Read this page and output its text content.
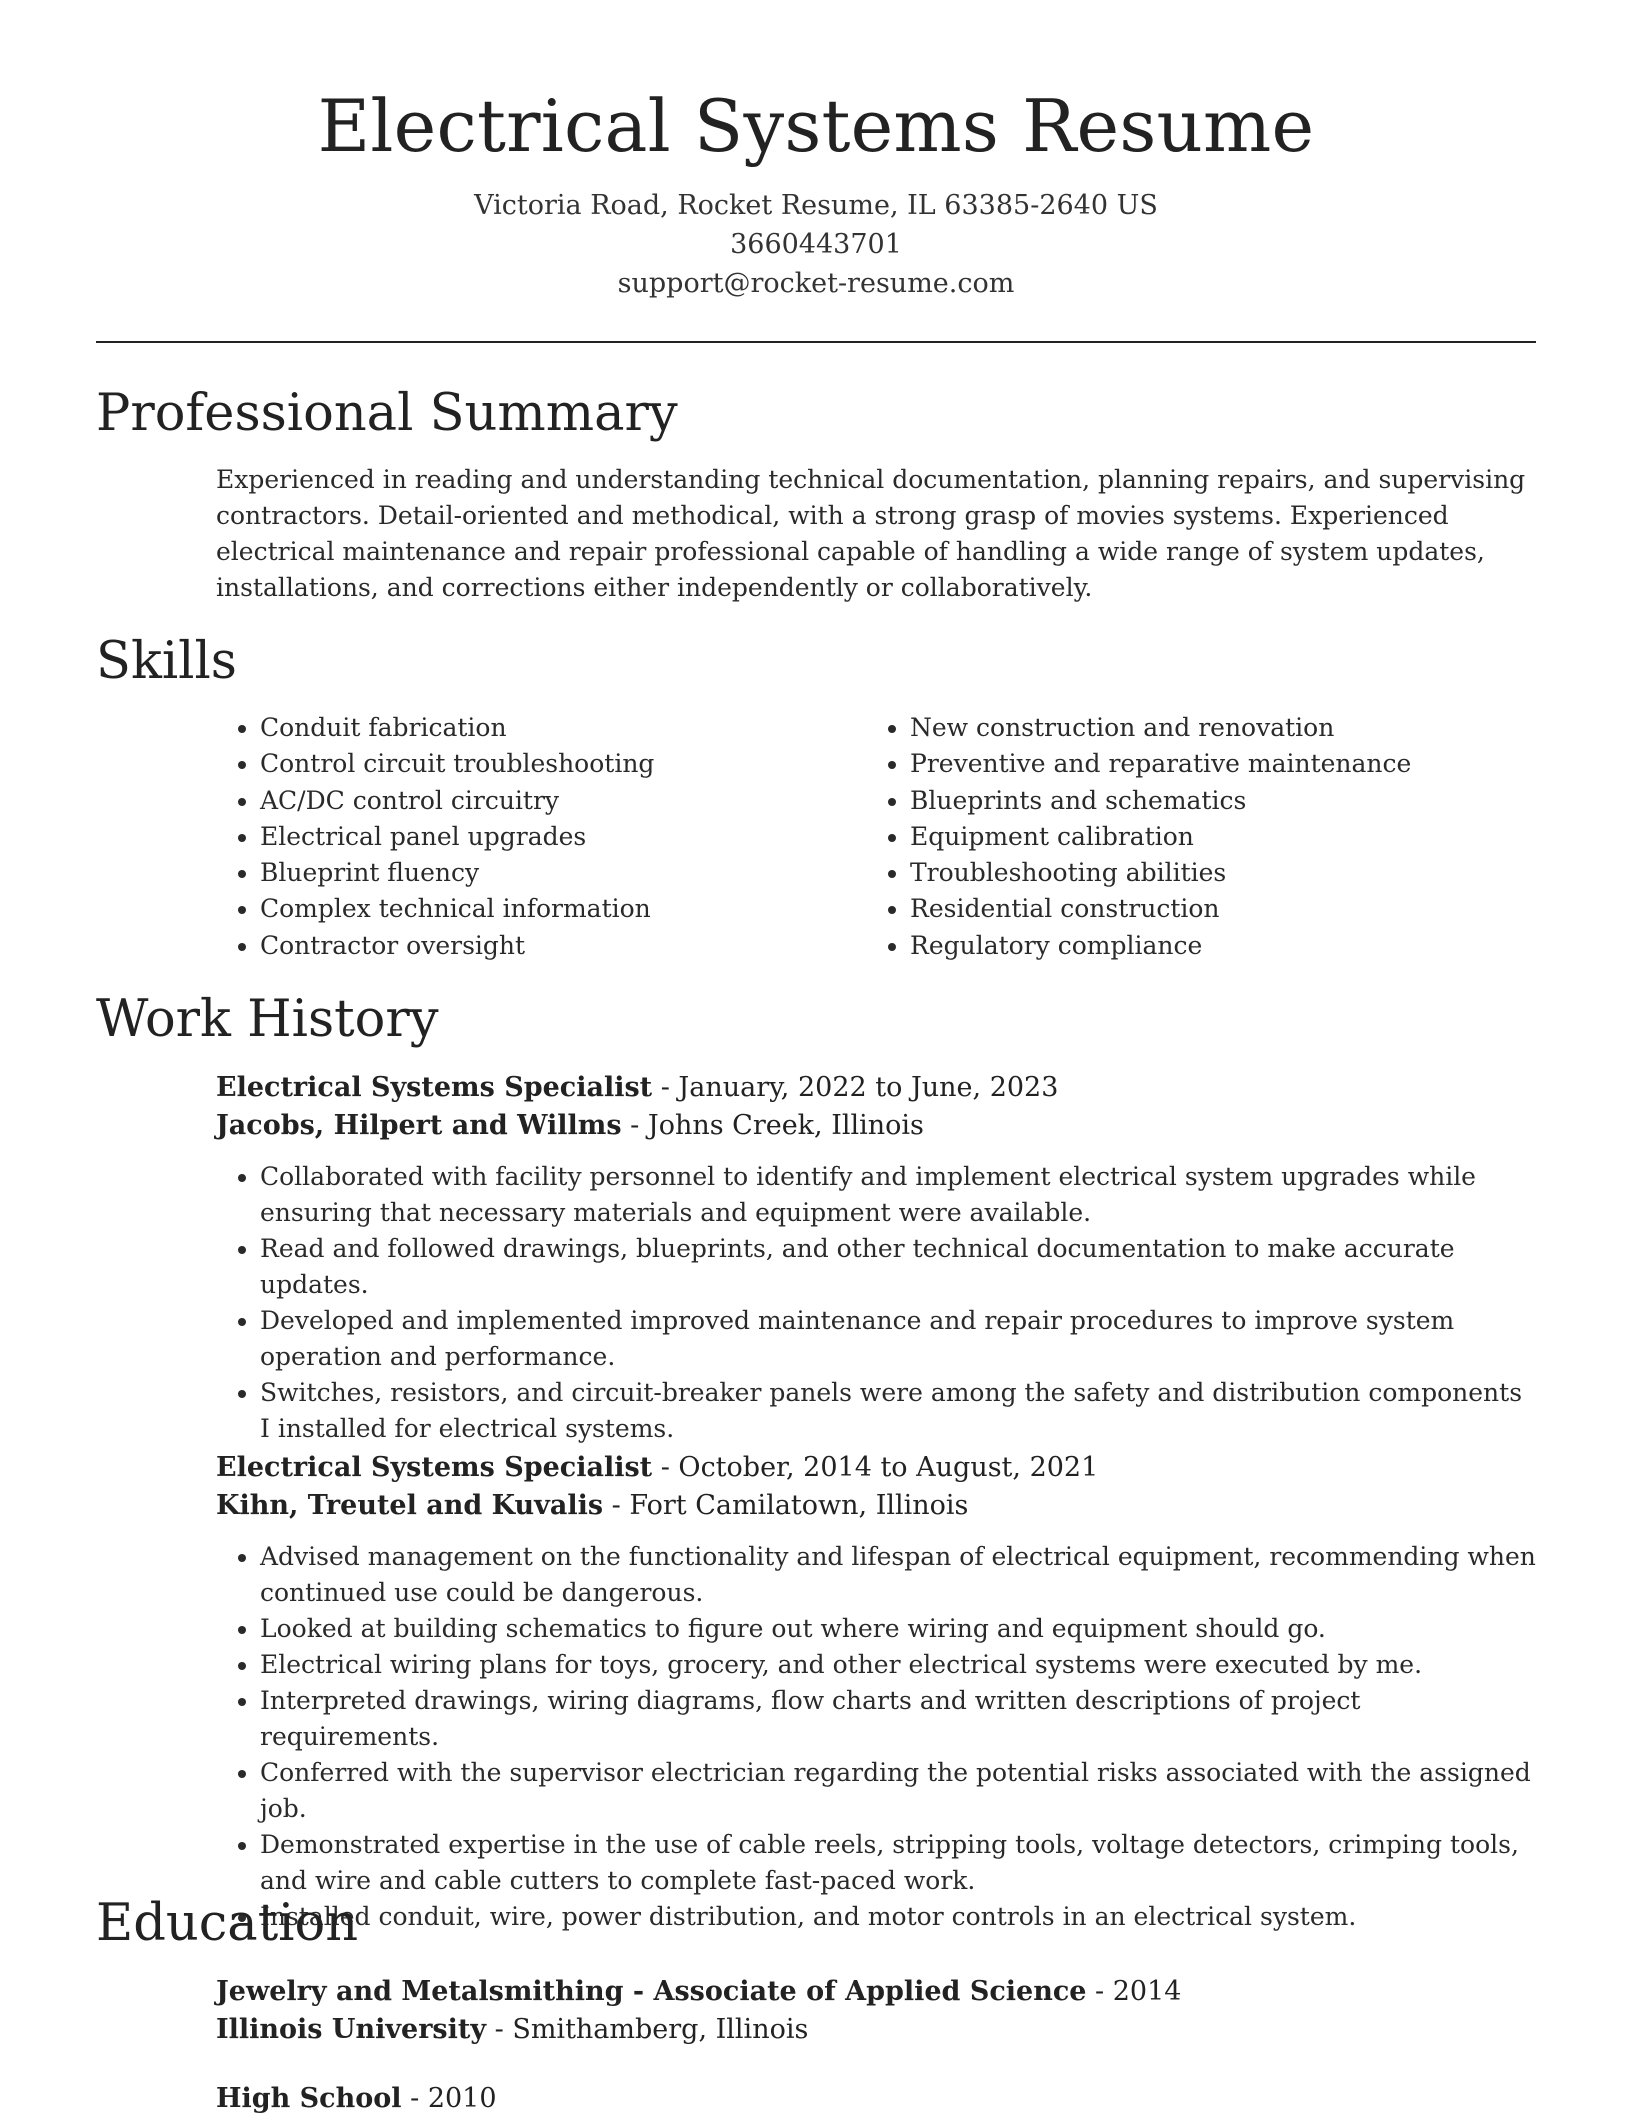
Electrical Systems Resume
Victoria Road, Rocket Resume, IL 63385-2640 US
3660443701
support@rocket-resume.com
Professional Summary
Experienced in reading and understanding technical documentation, planning repairs, and supervising contractors. Detail-oriented and methodical, with a strong grasp of movies systems. Experienced electrical maintenance and repair professional capable of handling a wide range of system updates, installations, and corrections either independently or collaboratively.
Skills
• Conduit fabrication
• Control circuit troubleshooting
• AC/DC control circuitry
• Electrical panel upgrades
• Blueprint fluency
• Complex technical information
• Contractor oversight
• New construction and renovation
• Preventive and reparative maintenance
• Blueprints and schematics
• Equipment calibration
• Troubleshooting abilities
• Residential construction
• Regulatory compliance
Work History
Electrical Systems Specialist - January, 2022 to June, 2023
Jacobs, Hilpert and Willms - Johns Creek, Illinois
• Collaborated with facility personnel to identify and implement electrical system upgrades while ensuring that necessary materials and equipment were available.
• Read and followed drawings, blueprints, and other technical documentation to make accurate updates.
• Developed and implemented improved maintenance and repair procedures to improve system operation and performance.
• Switches, resistors, and circuit-breaker panels were among the safety and distribution components I installed for electrical systems.
Electrical Systems Specialist - October, 2014 to August, 2021
Kihn, Treutel and Kuvalis - Fort Camilatown, Illinois
• Advised management on the functionality and lifespan of electrical equipment, recommending when continued use could be dangerous.
• Looked at building schematics to figure out where wiring and equipment should go.
• Electrical wiring plans for toys, grocery, and other electrical systems were executed by me.
• Interpreted drawings, wiring diagrams, flow charts and written descriptions of project requirements.
• Conferred with the supervisor electrician regarding the potential risks associated with the assigned job.
• Demonstrated expertise in the use of cable reels, stripping tools, voltage detectors, crimping tools, and wire and cable cutters to complete fast-paced work.
• Installed conduit, wire, power distribution, and motor controls in an electrical system.
Education
Jewelry and Metalsmithing - Associate of Applied Science - 2014
Illinois University - Smithamberg, Illinois
High School - 2010
